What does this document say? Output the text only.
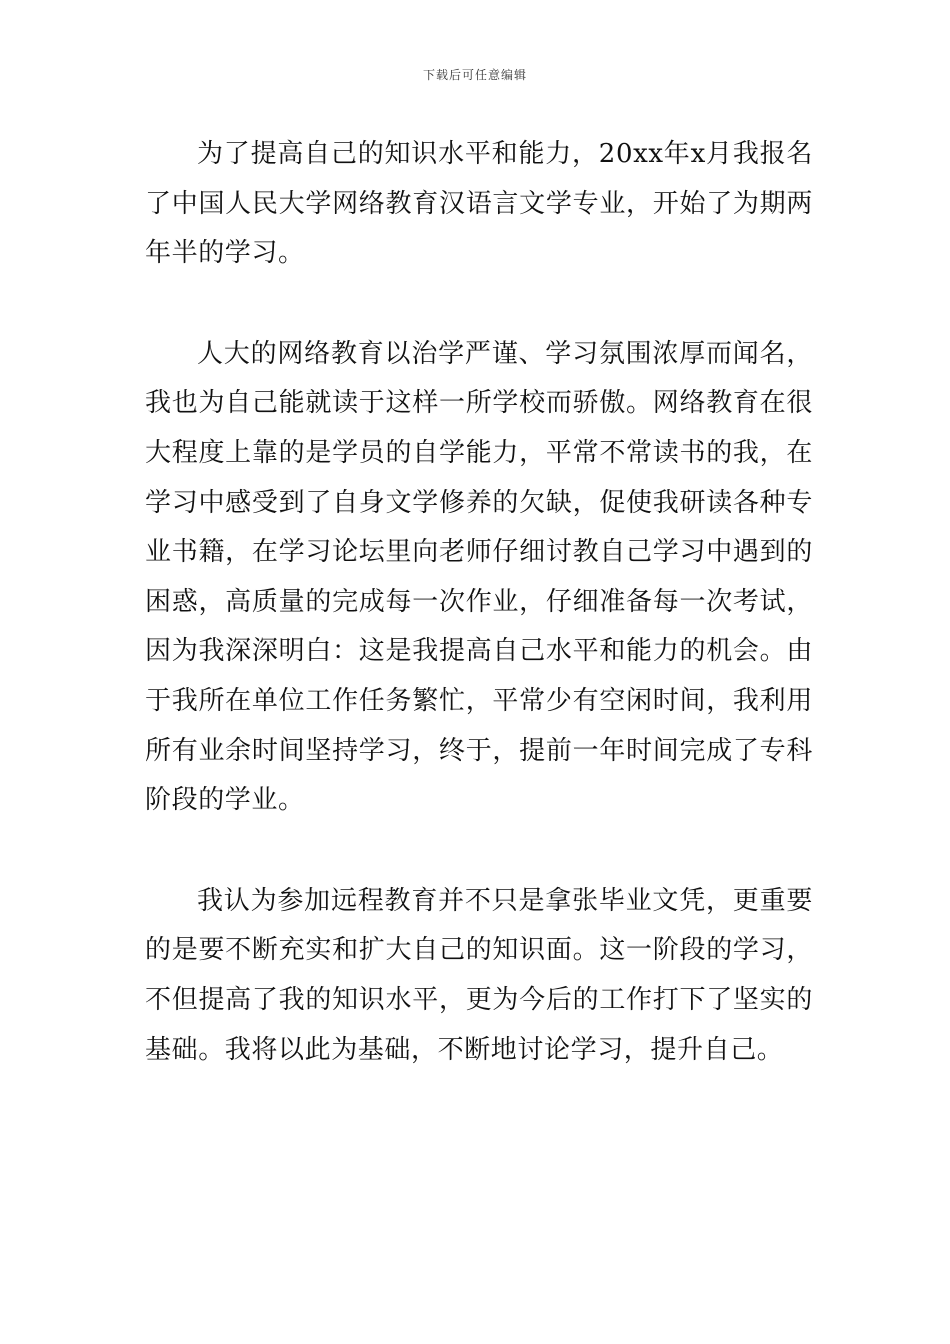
下载后可任意编辑

为了提高自己的知识水平和能力，20xx年x月我报名了中国人民大学网络教育汉语言文学专业，开始了为期两年半的学习。

人大的网络教育以治学严谨、学习氛围浓厚而闻名，我也为自己能就读于这样一所学校而骄傲。网络教育在很大程度上靠的是学员的自学能力，平常不常读书的我，在学习中感受到了自身文学修养的欠缺，促使我研读各种专业书籍，在学习论坛里向老师仔细讨教自己学习中遇到的困惑，高质量的完成每一次作业，仔细准备每一次考试，因为我深深明白：这是我提高自己水平和能力的机会。由于我所在单位工作任务繁忙，平常少有空闲时间，我利用所有业余时间坚持学习，终于，提前一年时间完成了专科阶段的学业。

我认为参加远程教育并不只是拿张毕业文凭，更重要的是要不断充实和扩大自己的知识面。这一阶段的学习，不但提高了我的知识水平，更为今后的工作打下了坚实的基础。我将以此为基础，不断地讨论学习，提升自己。
